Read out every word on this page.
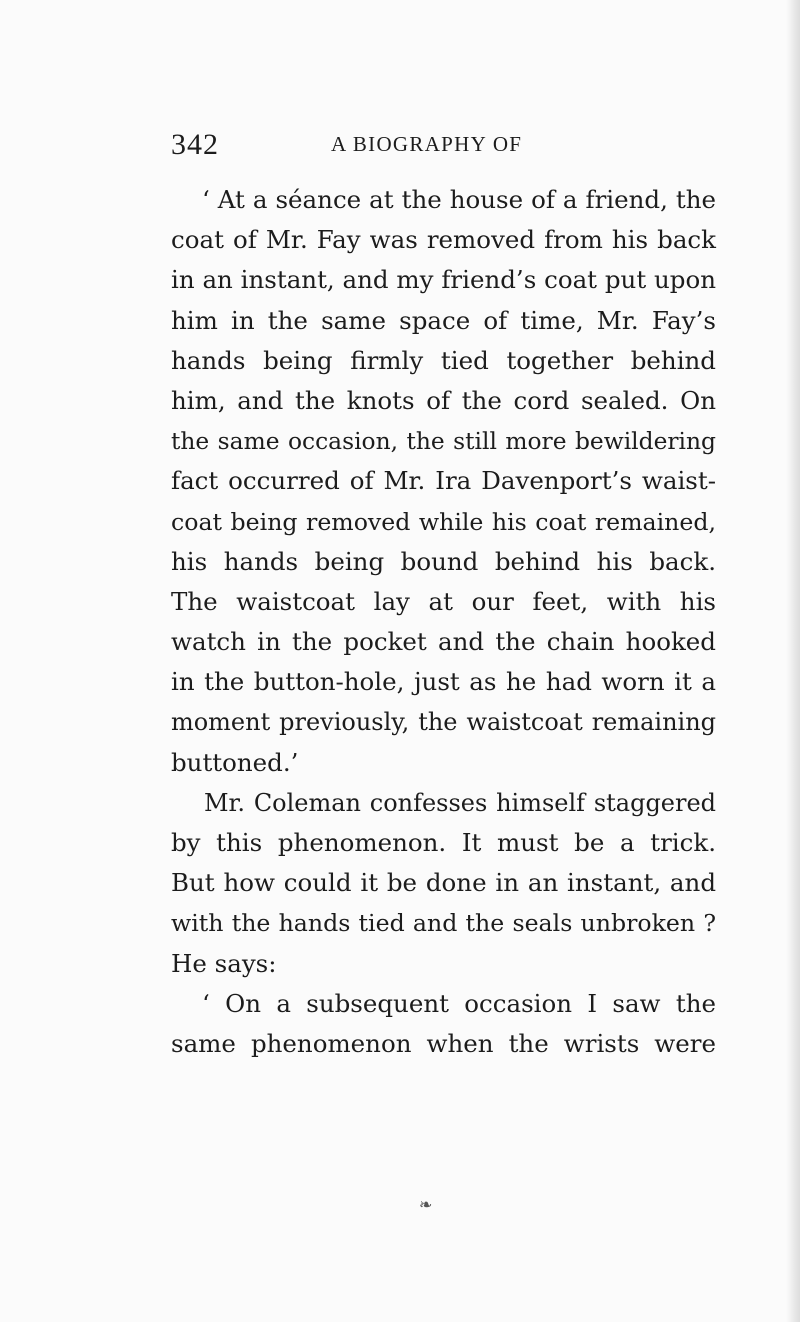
342	A BIOGRAPHY OF
‘ At a séance at the house of a friend, the
coat of Mr. Fay was removed from his back
in an instant, and my friend’s coat put upon
him in the same space of time, Mr. Fay’s
hands being firmly tied together behind
him, and the knots of the cord sealed. On
the same occasion, the still more bewildering
fact occurred of Mr. Ira Davenport’s waist-
coat being removed while his coat remained,
his hands being bound behind his back.
The waistcoat lay at our feet, with his
watch in the pocket and the chain hooked
in the button-hole, just as he had worn it a
moment previously, the waistcoat remaining
buttoned.’
Mr. Coleman confesses himself staggered
by this phenomenon. It must be a trick.
But how could it be done in an instant, and
with the hands tied and the seals unbroken ?
He says:
‘ On a subsequent occasion I saw the
same phenomenon when the wrists were
❧
